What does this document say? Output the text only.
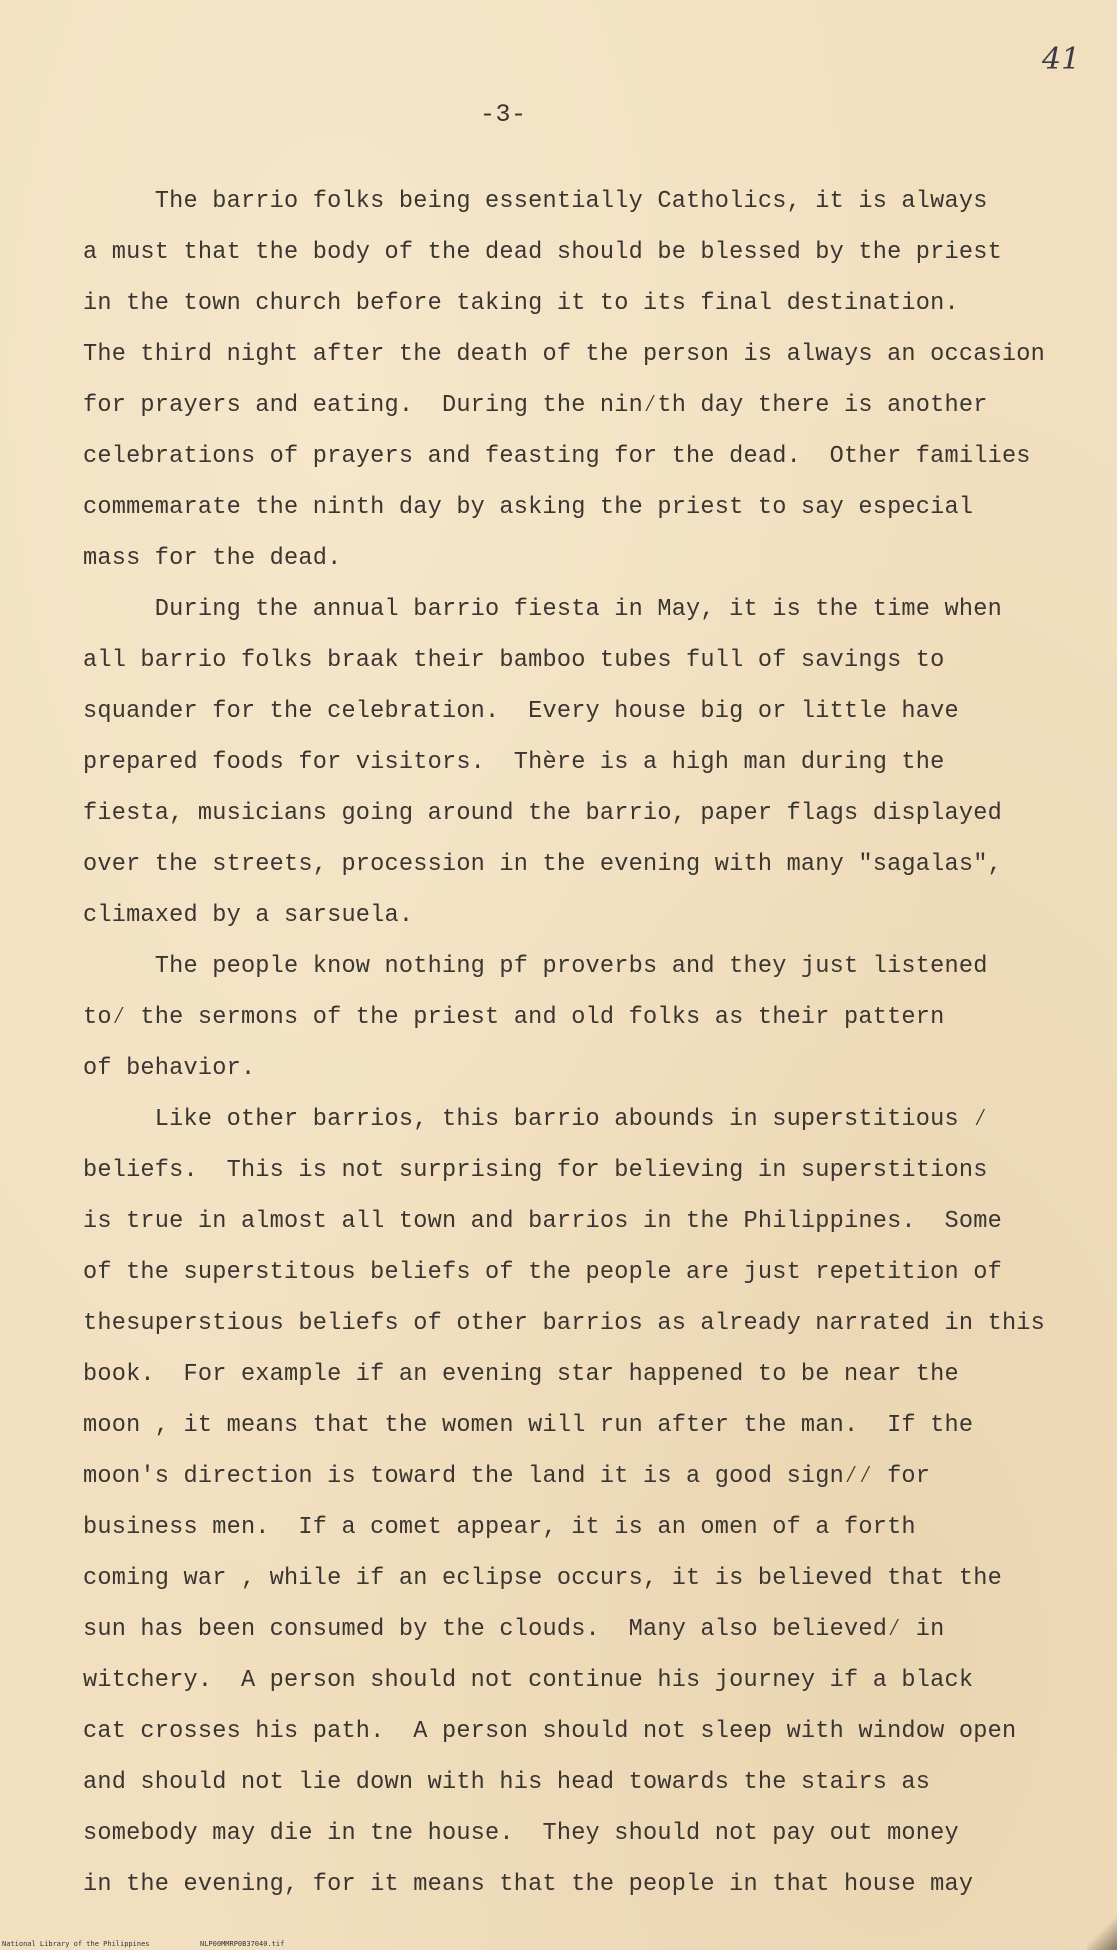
41
-3-
The barrio folks being essentially Catholics, it is always
a must that the body of the dead should be blessed by the priest
in the town church before taking it to its final destination.
The third night after the death of the person is always an occasion
for prayers and eating.  During the nin⁄th day there is another
celebrations of prayers and feasting for the dead.  Other families
commemarate the ninth day by asking the priest to say especial
mass for the dead.
During the annual barrio fiesta in May, it is the time when
all barrio folks braak their bamboo tubes full of savings to
squander for the celebration.  Every house big or little have
prepared foods for visitors.  Thère is a high man during the
fiesta, musicians going around the barrio, paper flags displayed
over the streets, procession in the evening with many "sagalas",
climaxed by a sarsuela.
The people know nothing pf proverbs and they just listened
to⁄ the sermons of the priest and old folks as their pattern
of behavior.
Like other barrios, this barrio abounds in superstitious ⁄
beliefs.  This is not surprising for believing in superstitions
is true in almost all town and barrios in the Philippines.  Some
of the superstitous beliefs of the people are just repetition of
thesuperstious beliefs of other barrios as already narrated in this
book.  For example if an evening star happened to be near the
moon , it means that the women will run after the man.  If the
moon's direction is toward the land it is a good sign⁄⁄ for
business men.  If a comet appear, it is an omen of a forth
coming war , while if an eclipse occurs, it is believed that the
sun has been consumed by the clouds.  Many also believed⁄ in
witchery.  A person should not continue his journey if a black
cat crosses his path.  A person should not sleep with window open
and should not lie down with his head towards the stairs as
somebody may die in tne house.  They should not pay out money
in the evening, for it means that the people in that house may
National Library of the Philippines	NLP00MMRP0B37040.tif
